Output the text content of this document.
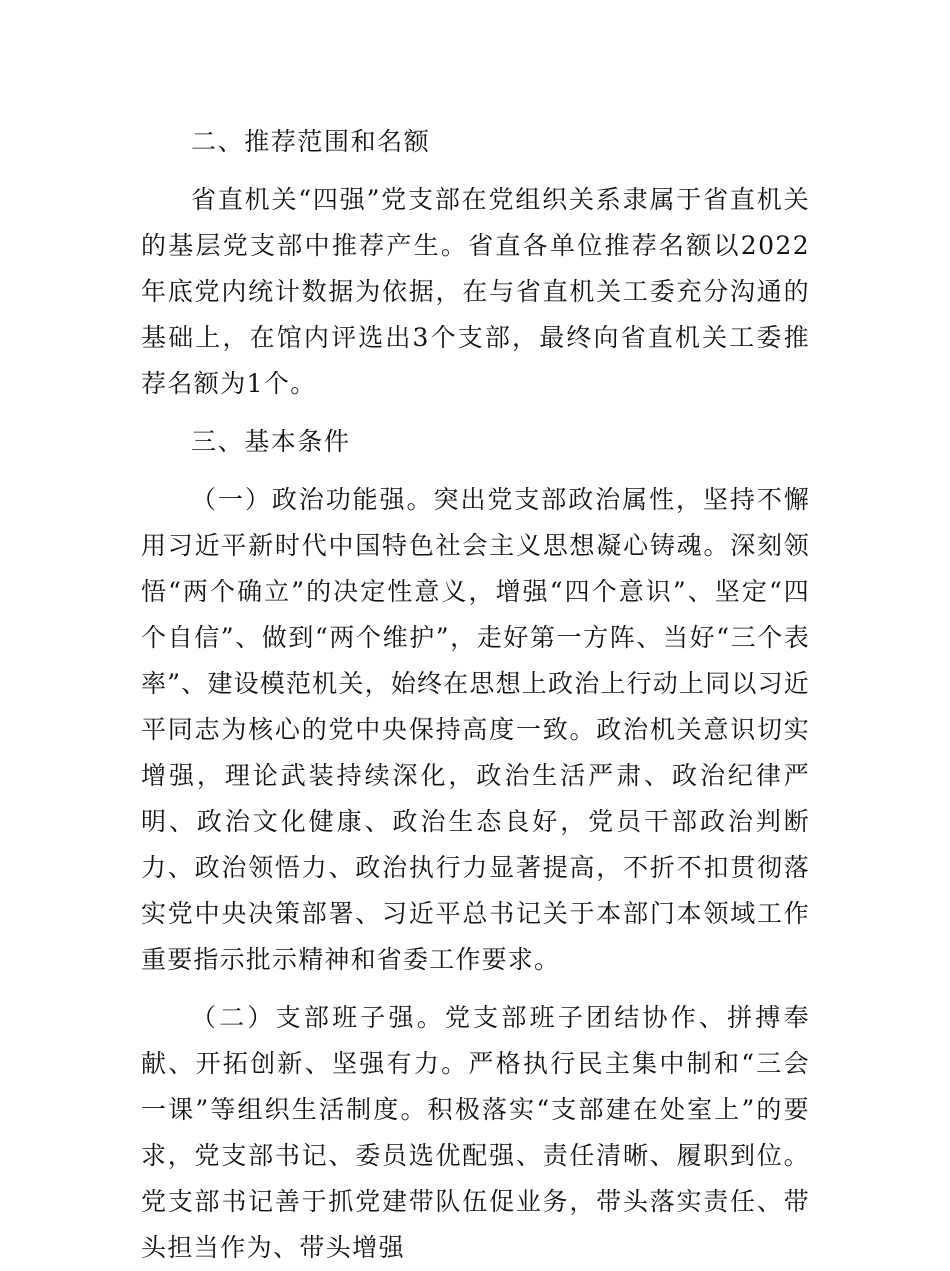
二、推荐范围和名额

省直机关“四强”党支部在党组织关系隶属于省直机关的基层党支部中推荐产生。省直各单位推荐名额以2022年底党内统计数据为依据，在与省直机关工委充分沟通的基础上，在馆内评选出3个支部，最终向省直机关工委推荐名额为1个。

三、基本条件

（一）政治功能强。突出党支部政治属性，坚持不懈用习近平新时代中国特色社会主义思想凝心铸魂。深刻领悟“两个确立”的决定性意义，增强“四个意识”、坚定“四个自信”、做到“两个维护”，走好第一方阵、当好“三个表率”、建设模范机关，始终在思想上政治上行动上同以习近平同志为核心的党中央保持高度一致。政治机关意识切实增强，理论武装持续深化，政治生活严肃、政治纪律严明、政治文化健康、政治生态良好，党员干部政治判断力、政治领悟力、政治执行力显著提高，不折不扣贯彻落实党中央决策部署、习近平总书记关于本部门本领域工作重要指示批示精神和省委工作要求。

（二）支部班子强。党支部班子团结协作、拼搏奉献、开拓创新、坚强有力。严格执行民主集中制和“三会一课”等组织生活制度。积极落实“支部建在处室上”的要求，党支部书记、委员选优配强、责任清晰、履职到位。党支部书记善于抓党建带队伍促业务，带头落实责任、带头担当作为、带头增强
